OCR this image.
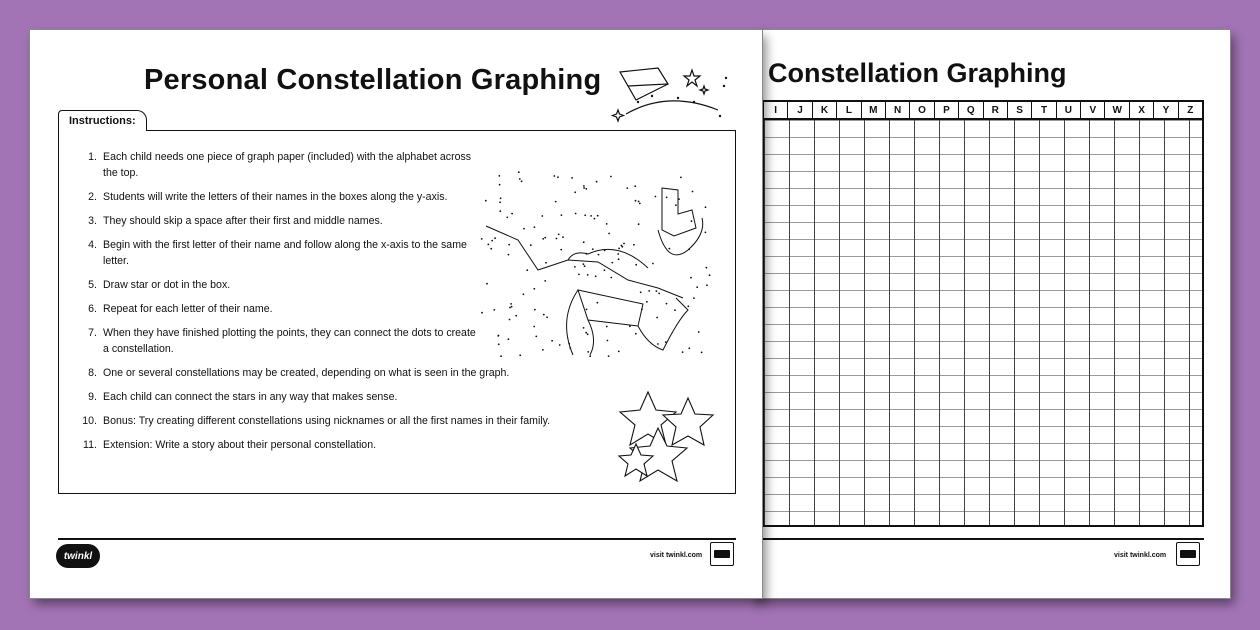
Constellation Graphing
I	J	K	L	M	N	O	P	Q	R	S	T	U	V	W	X	Y	Z
visit twinkl.com
Personal Constellation Graphing
Instructions:
1. Each child needs one piece of graph paper (included) with the alphabet across the top.
2. Students will write the letters of their names in the boxes along the y-axis.
3. They should skip a space after their first and middle names.
4. Begin with the first letter of their name and follow along the x-axis to the same letter.
5. Draw star or dot in the box.
6. Repeat for each letter of their name.
7. When they have finished plotting the points, they can connect the dots to create a constellation.
8. One or several constellations may be created, depending on what is seen in the graph.
9. Each child can connect the stars in any way that makes sense.
10. Bonus: Try creating different constellations using nicknames or all the first names in their family.
11. Extension: Write a story about their personal constellation.
twinkl	visit twinkl.com
